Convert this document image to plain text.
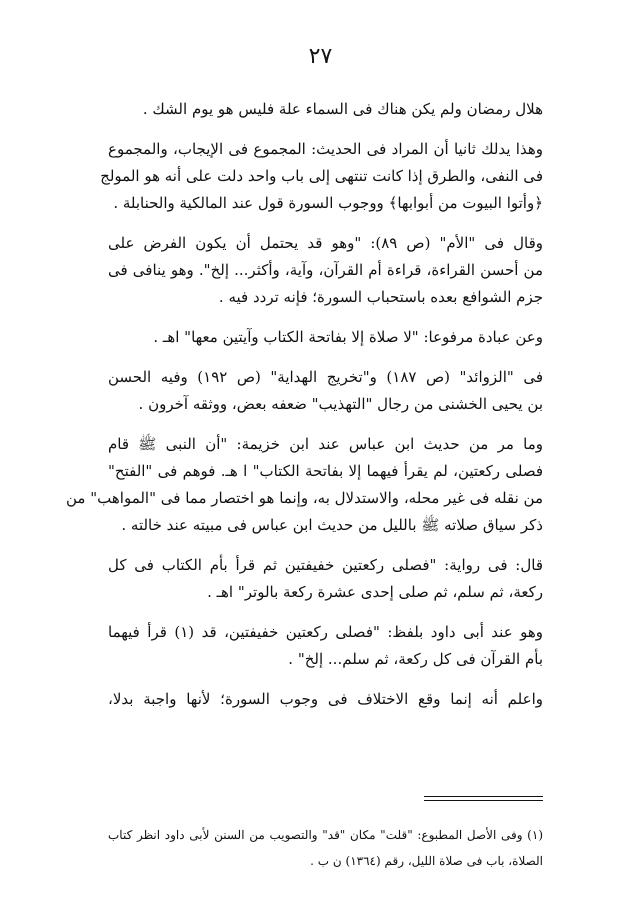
٢٧

هلال رمضان ولم يكن هناك فى السماء علة فليس هو يوم الشك .

وهذا يدلك ثانيا أن المراد فى الحديث: المجموع فى الإيجاب، والمجموع
فى النفى، والطرق إذا كانت تنتهى إلى باب واحد دلت على أنه هو المولج
﴿وأتوا البيوت من أبوابها﴾ ووجوب السورة قول عند المالكية والحنابلة .

وقال فى "الأم" (ص ٨٩): "وهو قد يحتمل أن يكون الفرض على
من أحسن القراءة، قراءة أم القرآن، وآية، وأكثر... إلخ". وهو ينافى فى
جزم الشوافع بعده باستحباب السورة؛ فإنه تردد فيه .

وعن عبادة مرفوعا: "لا صلاة إلا بفاتحة الكتاب وآيتين معها" اهـ .

فى "الزوائد" (ص ١٨٧) و"تخريج الهداية" (ص ١٩٢) وفيه الحسن
بن يحيى الخشنى من رجال "التهذيب" ضعفه بعض، ووثقه آخرون .

وما مر من حديث ابن عباس عند ابن خزيمة: "أن النبى ﷺ قام
فصلى ركعتين، لم يقرأ فيهما إلا بفاتحة الكتاب" ا هـ. فوهم فى "الفتح"
من نقله فى غير محله، والاستدلال به، وإنما هو اختصار مما فى "المواهب" من
ذكر سياق صلاته ﷺ بالليل من حديث ابن عباس فى مبيته عند خالته .

قال: فى رواية: "فصلى ركعتين خفيفتين ثم قرأ بأم الكتاب فى كل
ركعة، ثم سلم، ثم صلى إحدى عشرة ركعة بالوتر" اهـ .

وهو عند أبى داود بلفظ: "فصلى ركعتين خفيفتين، قد (١) قرأ فيهما
بأم القرآن فى كل ركعة، ثم سلم... إلخ" .

واعلم أنه إنما وقع الاختلاف فى وجوب السورة؛ لأنها واجبة بدلا،

(١) وفى الأصل المطبوع: "قلت" مكان "قد" والتصويب من السنن لأبى داود انظر كتاب
الصلاة، باب فى صلاة الليل، رقم (١٣٦٤) ن ب .
